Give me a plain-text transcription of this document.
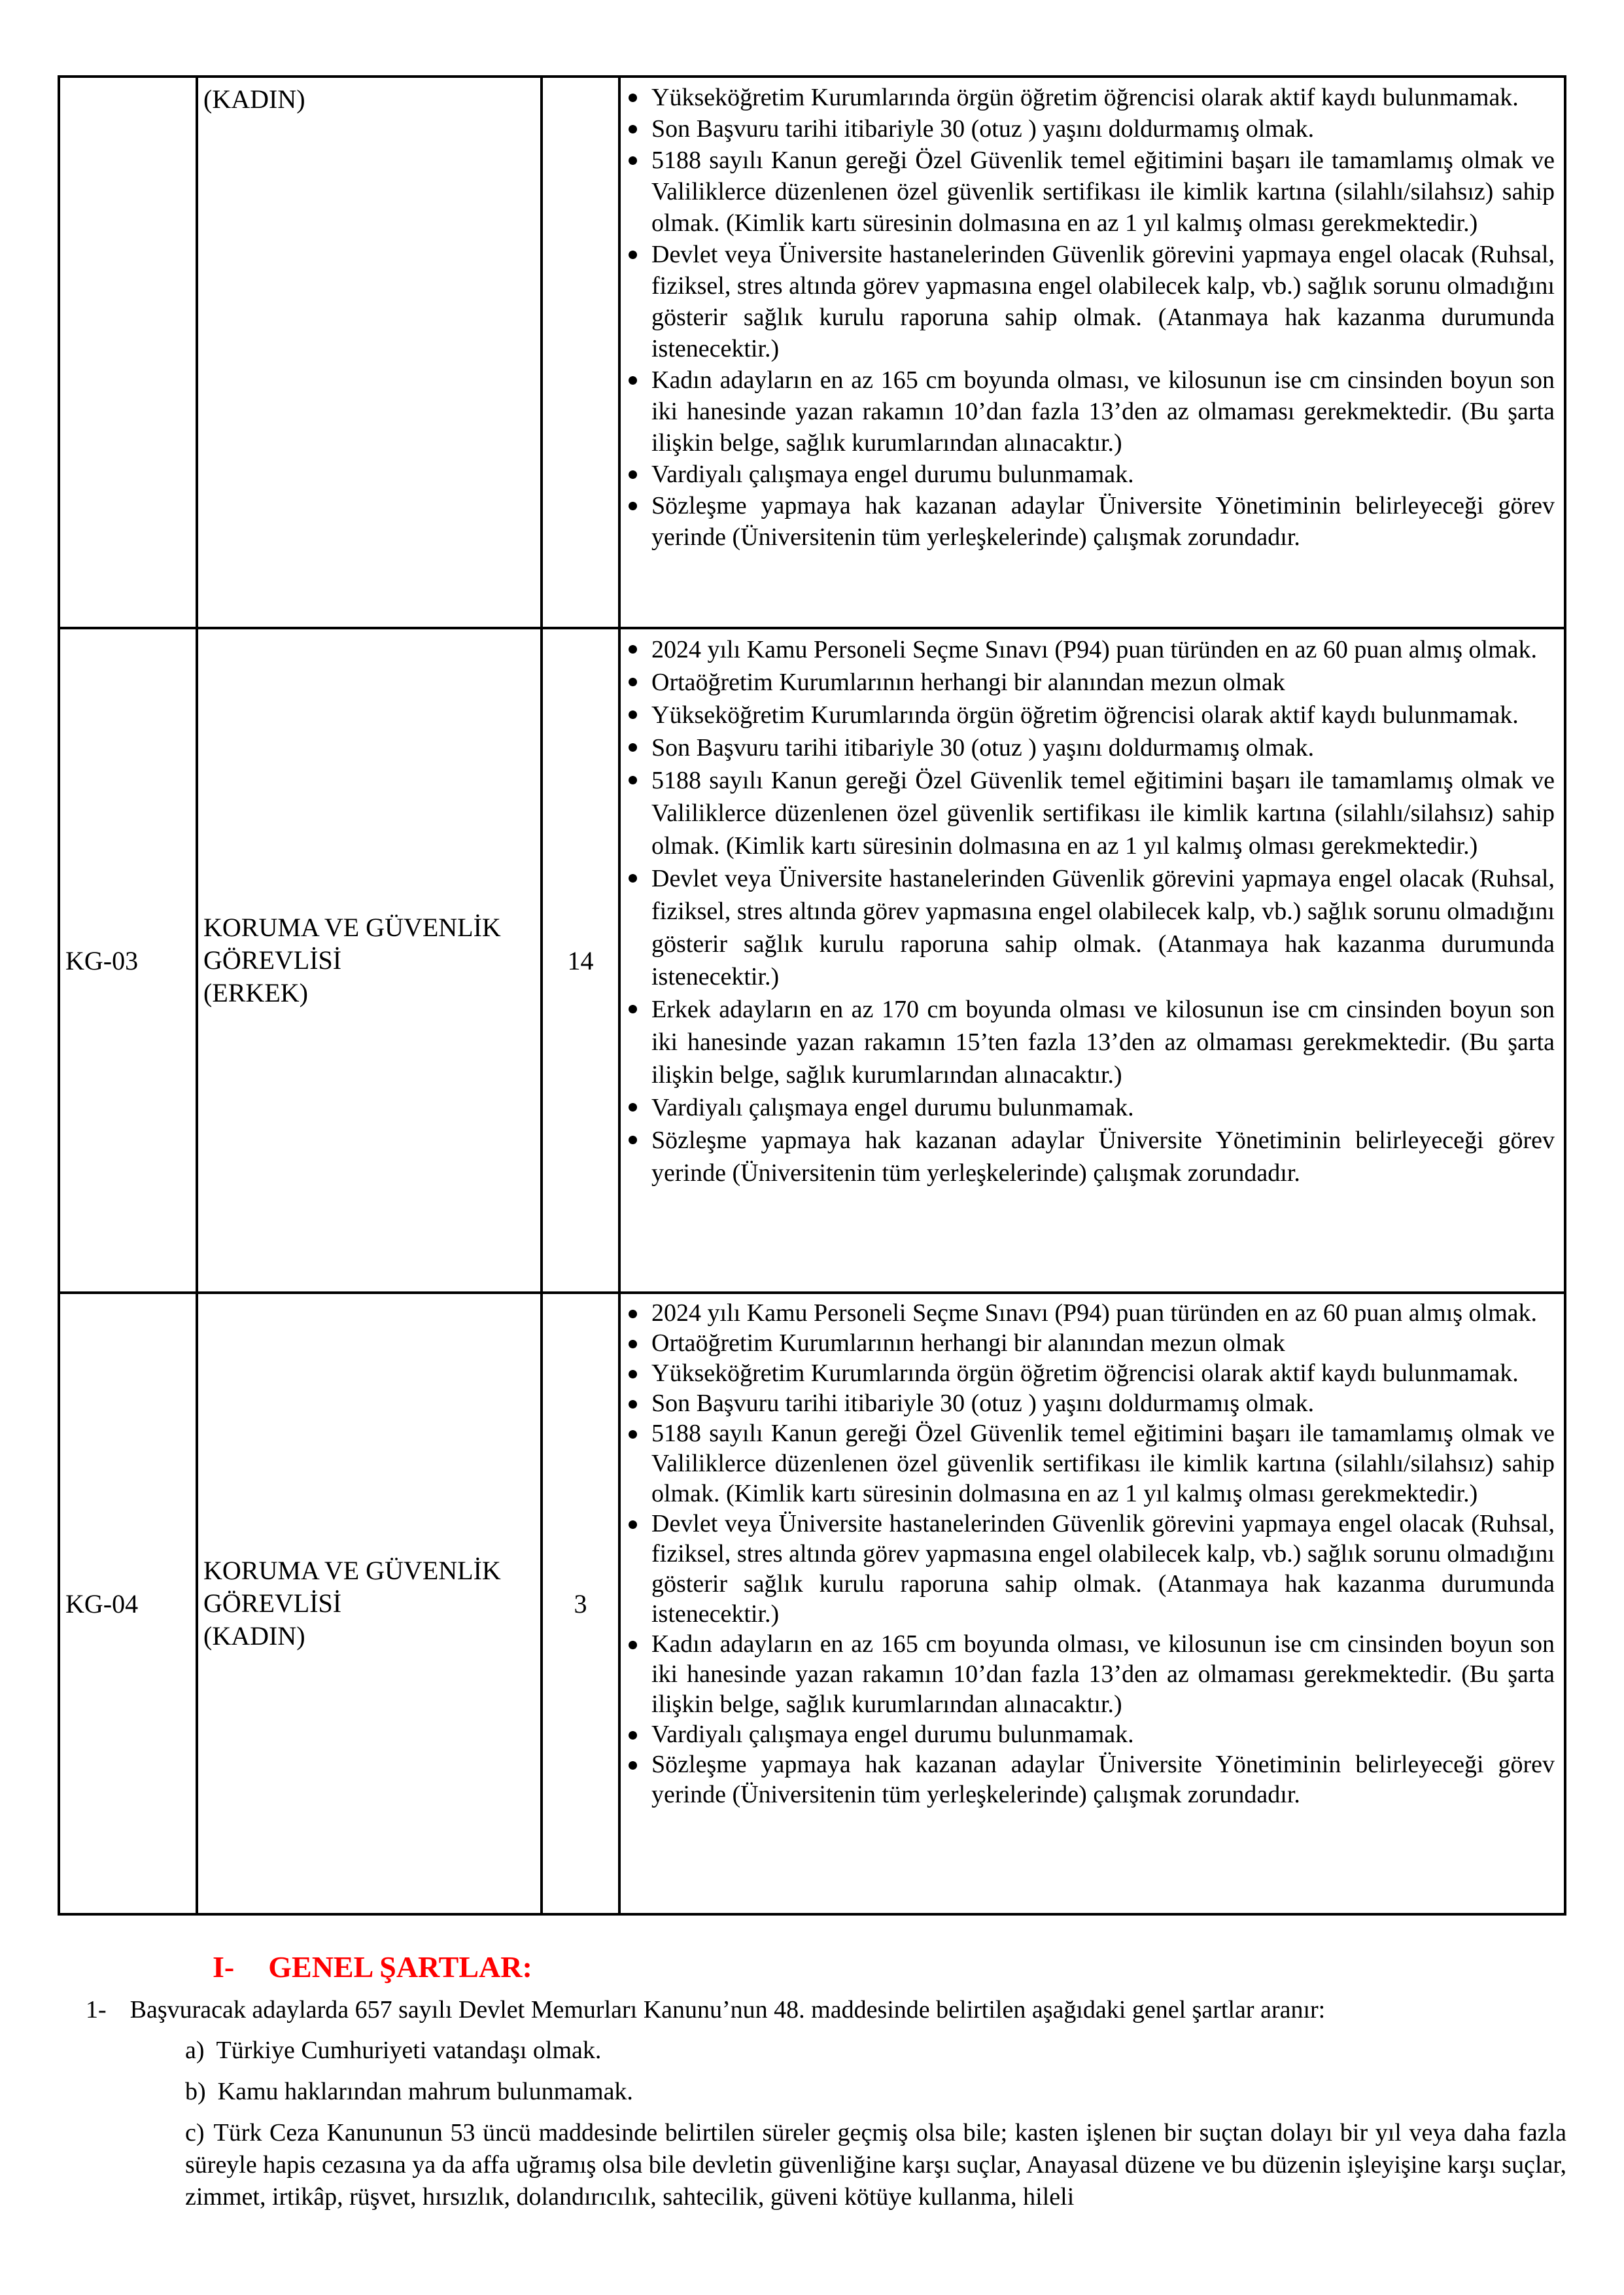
(KADIN)	Yükseköğretim Kurumlarında örgün öğretim öğrencisi olarak aktif kaydı bulunmamak.
Son Başvuru tarihi itibariyle 30 (otuz ) yaşını doldurmamış olmak.
5188 sayılı Kanun gereği Özel Güvenlik temel eğitimini başarı ile tamamlamış olmak ve Valiliklerce düzenlenen özel güvenlik sertifikası ile kimlik kartına (silahlı/silahsız) sahip olmak. (Kimlik kartı süresinin dolmasına en az 1 yıl kalmış olması gerekmektedir.)
Devlet veya Üniversite hastanelerinden Güvenlik görevini yapmaya engel olacak (Ruhsal, fiziksel, stres altında görev yapmasına engel olabilecek kalp, vb.) sağlık sorunu olmadığını gösterir sağlık kurulu raporuna sahip olmak. (Atanmaya hak kazanma durumunda istenecektir.)
Kadın adayların en az 165 cm boyunda olması, ve kilosunun ise cm cinsinden boyun son iki hanesinde yazan rakamın 10’dan fazla 13’den az olmaması gerekmektedir. (Bu şarta ilişkin belge, sağlık kurumlarından alınacaktır.)
Vardiyalı çalışmaya engel durumu bulunmamak.
Sözleşme yapmaya hak kazanan adaylar Üniversite Yönetiminin belirleyeceği görev yerinde (Üniversitenin tüm yerleşkelerinde) çalışmak zorundadır.
KG-03
KORUMA VE GÜVENLİK
GÖREVLİSİ
(ERKEK)
14
2024 yılı Kamu Personeli Seçme Sınavı (P94) puan türünden en az 60 puan almış olmak.
Ortaöğretim Kurumlarının herhangi bir alanından mezun olmak
Yükseköğretim Kurumlarında örgün öğretim öğrencisi olarak aktif kaydı bulunmamak.
Son Başvuru tarihi itibariyle 30 (otuz ) yaşını doldurmamış olmak.
5188 sayılı Kanun gereği Özel Güvenlik temel eğitimini başarı ile tamamlamış olmak ve Valiliklerce düzenlenen özel güvenlik sertifikası ile kimlik kartına (silahlı/silahsız) sahip olmak. (Kimlik kartı süresinin dolmasına en az 1 yıl kalmış olması gerekmektedir.)
Devlet veya Üniversite hastanelerinden Güvenlik görevini yapmaya engel olacak (Ruhsal, fiziksel, stres altında görev yapmasına engel olabilecek kalp, vb.) sağlık sorunu olmadığını gösterir sağlık kurulu raporuna sahip olmak. (Atanmaya hak kazanma durumunda istenecektir.)
Erkek adayların en az 170 cm boyunda olması ve kilosunun ise cm cinsinden boyun son iki hanesinde yazan rakamın 15’ten fazla 13’den az olmaması gerekmektedir. (Bu şarta ilişkin belge, sağlık kurumlarından alınacaktır.)
Vardiyalı çalışmaya engel durumu bulunmamak.
Sözleşme yapmaya hak kazanan adaylar Üniversite Yönetiminin belirleyeceği görev yerinde (Üniversitenin tüm yerleşkelerinde) çalışmak zorundadır.
KG-04
KORUMA VE GÜVENLİK
GÖREVLİSİ
(KADIN)
3
2024 yılı Kamu Personeli Seçme Sınavı (P94) puan türünden en az 60 puan almış olmak.
Ortaöğretim Kurumlarının herhangi bir alanından mezun olmak
Yükseköğretim Kurumlarında örgün öğretim öğrencisi olarak aktif kaydı bulunmamak.
Son Başvuru tarihi itibariyle 30 (otuz ) yaşını doldurmamış olmak.
5188 sayılı Kanun gereği Özel Güvenlik temel eğitimini başarı ile tamamlamış olmak ve Valiliklerce düzenlenen özel güvenlik sertifikası ile kimlik kartına (silahlı/silahsız) sahip olmak. (Kimlik kartı süresinin dolmasına en az 1 yıl kalmış olması gerekmektedir.)
Devlet veya Üniversite hastanelerinden Güvenlik görevini yapmaya engel olacak (Ruhsal, fiziksel, stres altında görev yapmasına engel olabilecek kalp, vb.) sağlık sorunu olmadığını gösterir sağlık kurulu raporuna sahip olmak. (Atanmaya hak kazanma durumunda istenecektir.)
Kadın adayların en az 165 cm boyunda olması, ve kilosunun ise cm cinsinden boyun son iki hanesinde yazan rakamın 10’dan fazla 13’den az olmaması gerekmektedir. (Bu şarta ilişkin belge, sağlık kurumlarından alınacaktır.)
Vardiyalı çalışmaya engel durumu bulunmamak.
Sözleşme yapmaya hak kazanan adaylar Üniversite Yönetiminin belirleyeceği görev yerinde (Üniversitenin tüm yerleşkelerinde) çalışmak zorundadır.
I- GENEL ŞARTLAR:
1- Başvuracak adaylarda 657 sayılı Devlet Memurları Kanunu’nun 48. maddesinde belirtilen aşağıdaki genel şartlar aranır:
a) Türkiye Cumhuriyeti vatandaşı olmak.
b) Kamu haklarından mahrum bulunmamak.
c) Türk Ceza Kanununun 53 üncü maddesinde belirtilen süreler geçmiş olsa bile; kasten işlenen bir suçtan dolayı bir yıl veya daha fazla süreyle hapis cezasına ya da affa uğramış olsa bile devletin güvenliğine karşı suçlar, Anayasal düzene ve bu düzenin işleyişine karşı suçlar, zimmet, irtikâp, rüşvet, hırsızlık, dolandırıcılık, sahtecilik, güveni kötüye kullanma, hileli
